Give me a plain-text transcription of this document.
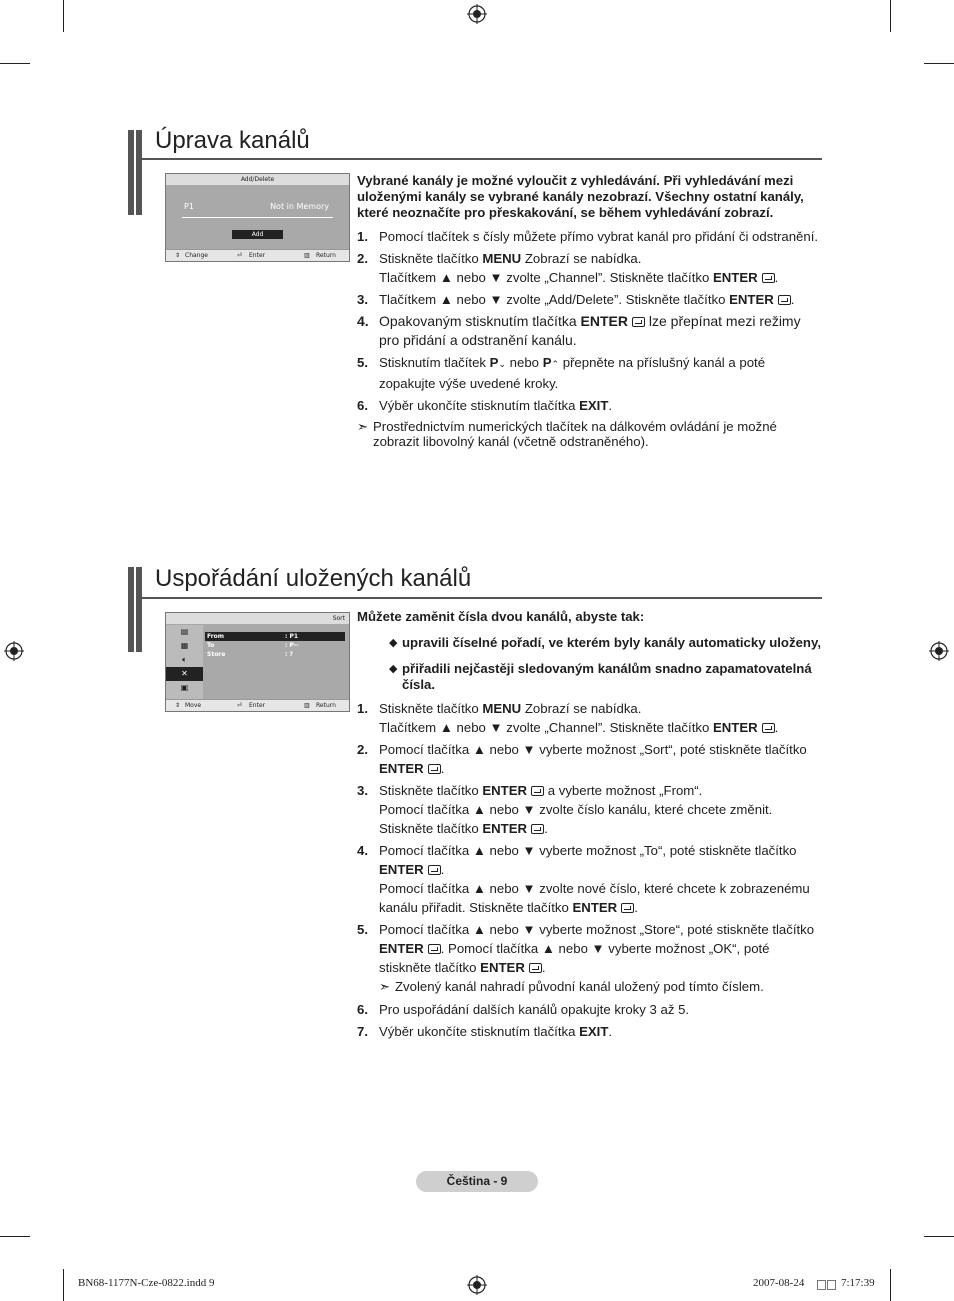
Úprava kanálů
Add/Delete
P1	Not in Memory
Add
⇕ Change	⏎ Enter	▥ Return

Vybrané kanály je možné vyloučit z vyhledávání. Při vyhledávání mezi uloženými kanály se vybrané kanály nezobrazí. Všechny ostatní kanály, které neoznačíte pro přeskakování, se během vyhledávání zobrazí.

1. Pomocí tlačítek s čísly můžete přímo vybrat kanál pro přidání či odstranění.
2. Stiskněte tlačítko MENU Zobrazí se nabídka.
Tlačítkem ▲ nebo ▼ zvolte „Channel”. Stiskněte tlačítko ENTER .
3. Tlačítkem ▲ nebo ▼ zvolte „Add/Delete”. Stiskněte tlačítko ENTER .
4. Opakovaným stisknutím tlačítka ENTER lze přepínat mezi režimy pro přidání a odstranění kanálu.
5. Stisknutím tlačítek P⌄ nebo P⌃ přepněte na příslušný kanál a poté zopakujte výše uvedené kroky.
6. Výběr ukončíte stisknutím tlačítka EXIT.
➣ Prostřednictvím numerických tlačítek na dálkovém ovládání je možné zobrazit libovolný kanál (včetně odstraněného).
Uspořádání uložených kanálů
Sort
▤
▦
🔈︎
✕
▣
From	: P1
To	: P--
Store	: ?
⇕ Move	⏎ Enter	▥ Return

Můžete zaměnit čísla dvou kanálů, abyste tak:

◆ upravili číselné pořadí, ve kterém byly kanály automaticky uloženy,
◆ přiřadili nejčastěji sledovaným kanálům snadno zapamatovatelná čísla.
1. Stiskněte tlačítko MENU Zobrazí se nabídka.
Tlačítkem ▲ nebo ▼ zvolte „Channel”. Stiskněte tlačítko ENTER .
2. Pomocí tlačítka ▲ nebo ▼ vyberte možnost „Sort“, poté stiskněte tlačítko ENTER .
3. Stiskněte tlačítko ENTER a vyberte možnost „From“.
Pomocí tlačítka ▲ nebo ▼ zvolte číslo kanálu, které chcete změnit.
Stiskněte tlačítko ENTER .
4. Pomocí tlačítka ▲ nebo ▼ vyberte možnost „To“, poté stiskněte tlačítko ENTER .
Pomocí tlačítka ▲ nebo ▼ zvolte nové číslo, které chcete k zobrazenému kanálu přiřadit. Stiskněte tlačítko ENTER .
5. Pomocí tlačítka ▲ nebo ▼ vyberte možnost „Store“, poté stiskněte tlačítko ENTER . Pomocí tlačítka ▲ nebo ▼ vyberte možnost „OK“, poté stiskněte tlačítko ENTER .
➣ Zvolený kanál nahradí původní kanál uložený pod tímto číslem.
6. Pro uspořádání dalších kanálů opakujte kroky 3 až 5.
7. Výběr ukončíte stisknutím tlačítka EXIT.
Čeština - 9
BN68-1177N-Cze-0822.indd 9	2007-08-24	7:17:39
